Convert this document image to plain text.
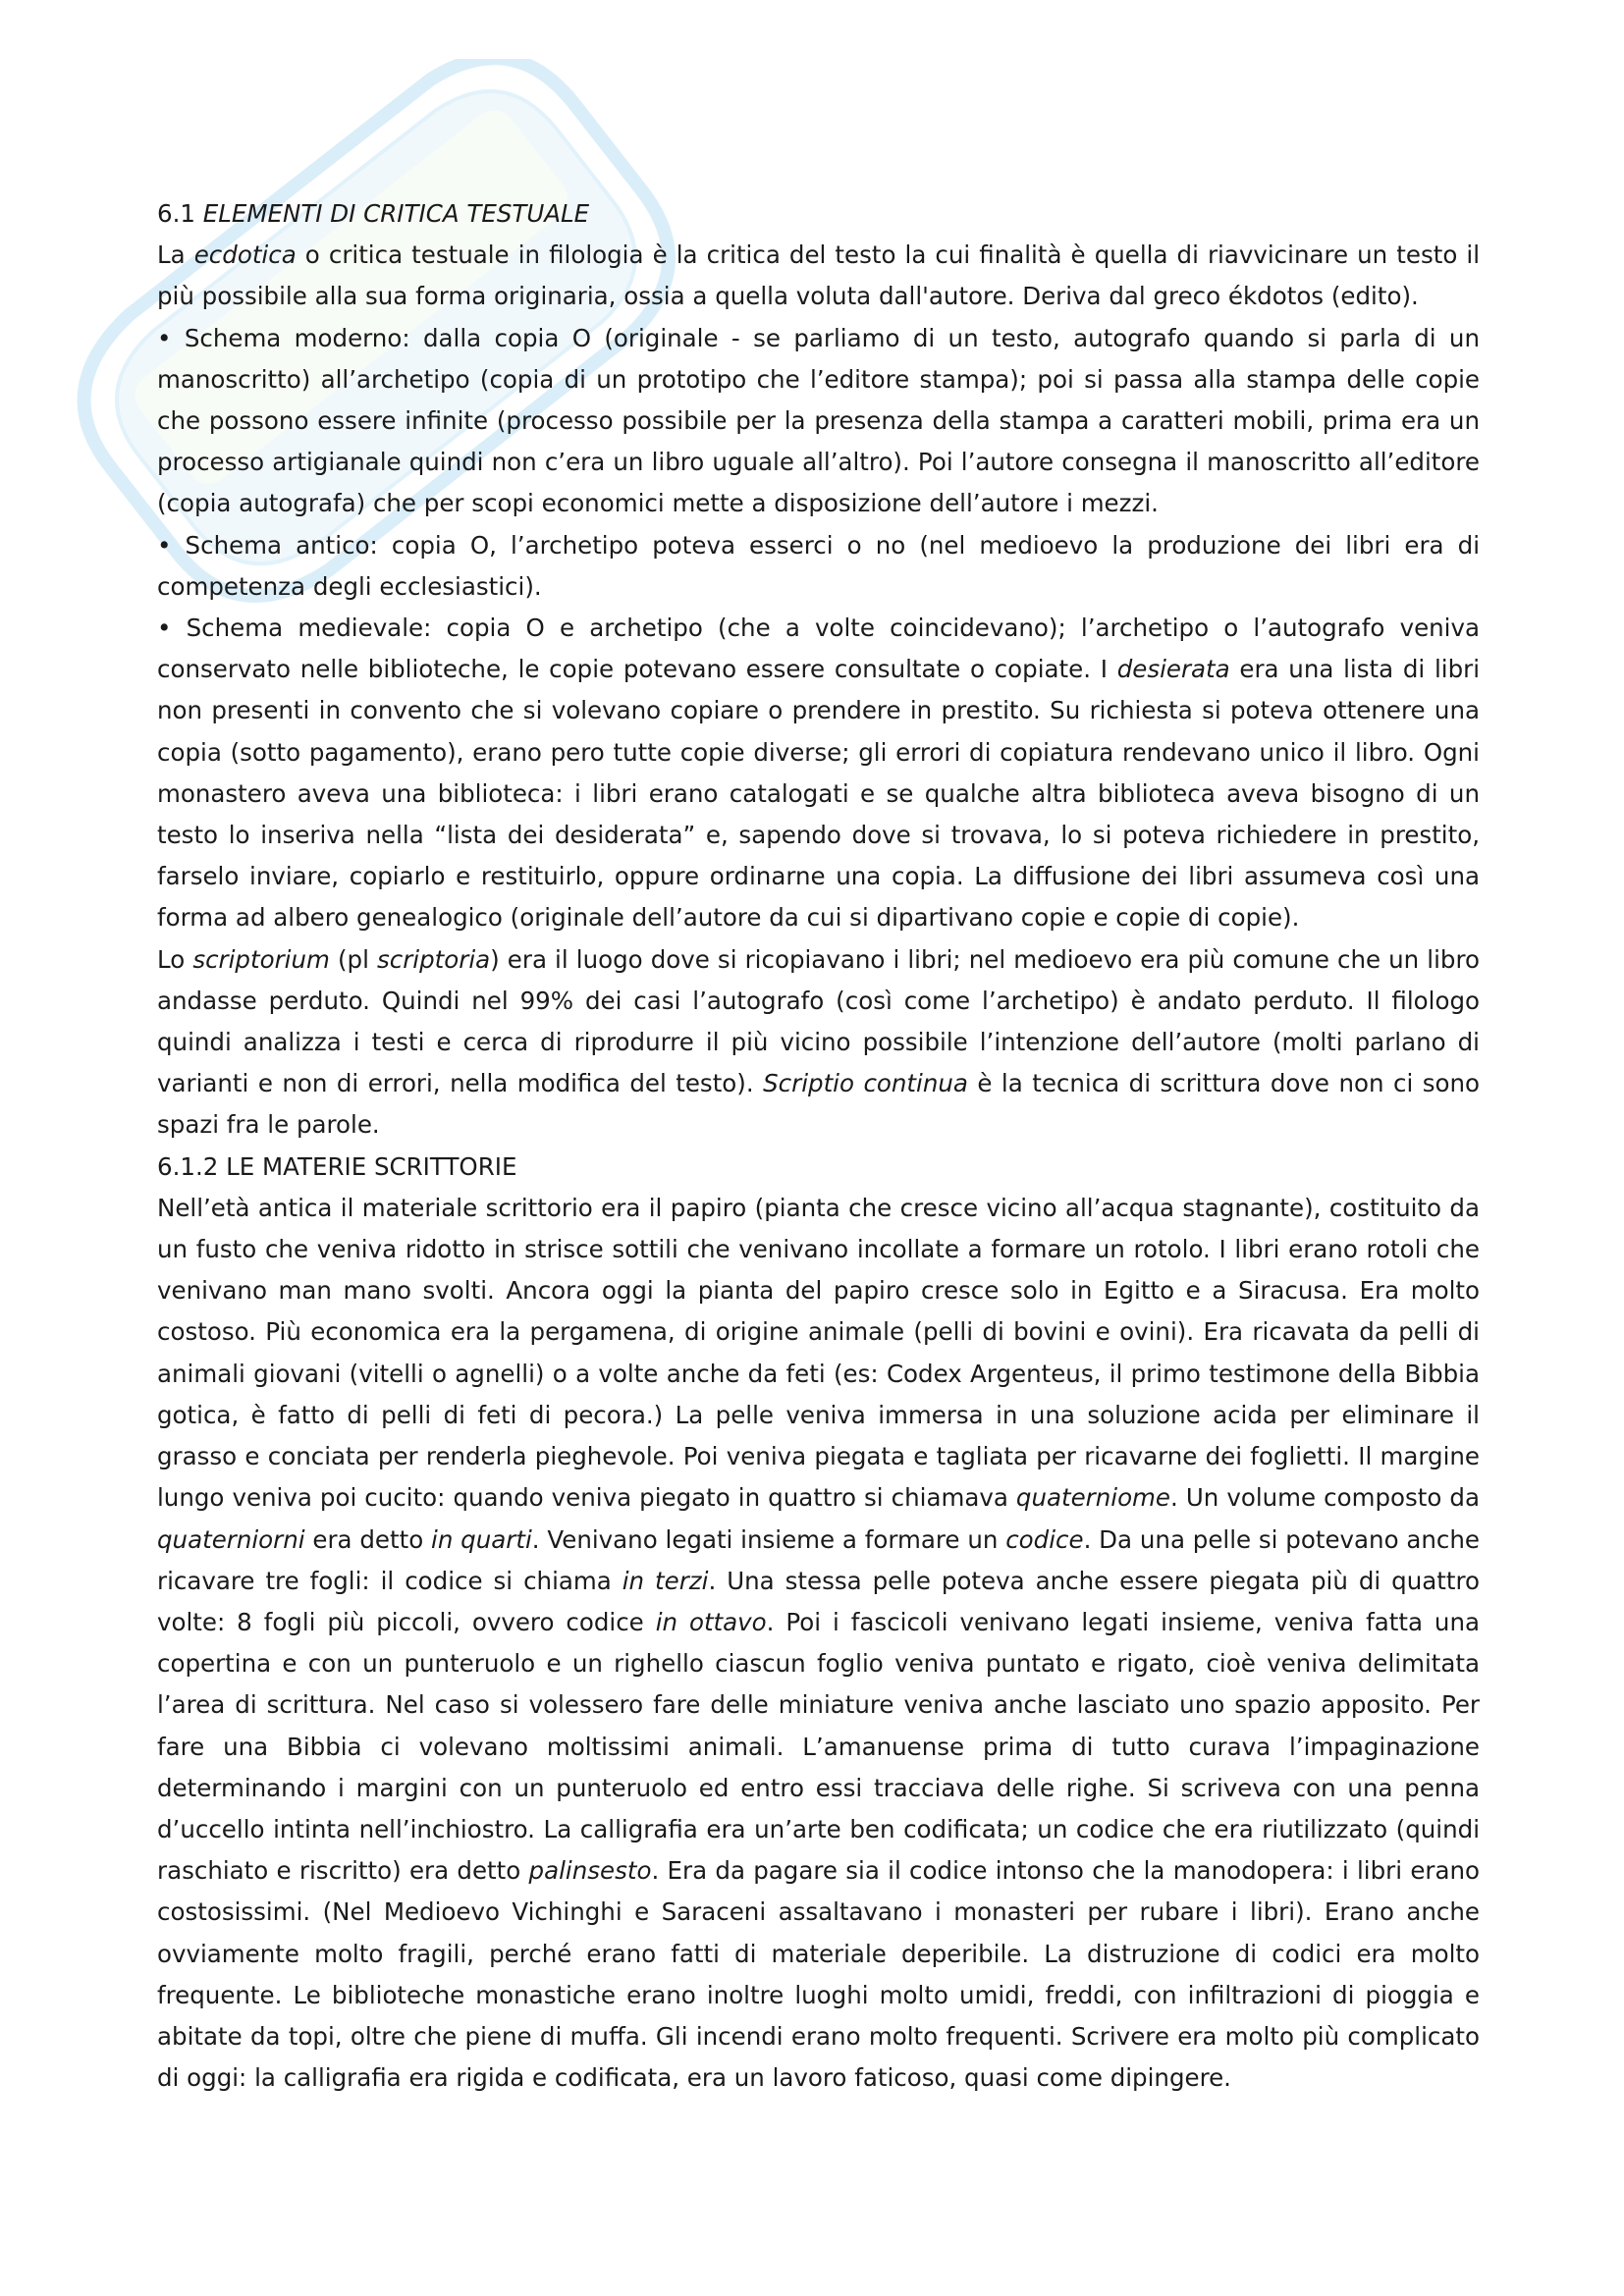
6.1 ELEMENTI DI CRITICA TESTUALE

La ecdotica o critica testuale in filologia è la critica del testo la cui finalità è quella di riavvicinare un testo il più possibile alla sua forma originaria, ossia a quella voluta dall'autore. Deriva dal greco ékdotos (edito).

• Schema moderno: dalla copia O (originale - se parliamo di un testo, autografo quando si parla di un manoscritto) all’archetipo (copia di un prototipo che l’editore stampa); poi si passa alla stampa delle copie che possono essere infinite (processo possibile per la presenza della stampa a caratteri mobili, prima era un processo artigianale quindi non c’era un libro uguale all’altro). Poi l’autore consegna il manoscritto all’editore (copia autografa) che per scopi economici mette a disposizione dell’autore i mezzi.

• Schema antico: copia O, l’archetipo poteva esserci o no (nel medioevo la produzione dei libri era di competenza degli ecclesiastici).

• Schema medievale: copia O e archetipo (che a volte coincidevano); l’archetipo o l’autografo veniva conservato nelle biblioteche, le copie potevano essere consultate o copiate. I desierata era una lista di libri non presenti in convento che si volevano copiare o prendere in prestito. Su richiesta si poteva ottenere una copia (sotto pagamento), erano pero tutte copie diverse; gli errori di copiatura rendevano unico il libro. Ogni monastero aveva una biblioteca: i libri erano catalogati e se qualche altra biblioteca aveva bisogno di un testo lo inseriva nella “lista dei desiderata” e, sapendo dove si trovava, lo si poteva richiedere in prestito, farselo inviare, copiarlo e restituirlo, oppure ordinarne una copia. La diffusione dei libri assumeva così una forma ad albero genealogico (originale dell’autore da cui si dipartivano copie e copie di copie).

Lo scriptorium (pl scriptoria) era il luogo dove si ricopiavano i libri; nel medioevo era più comune che un libro andasse perduto. Quindi nel 99% dei casi l’autografo (così come l’archetipo) è andato perduto. Il filologo quindi analizza i testi e cerca di riprodurre il più vicino possibile l’intenzione dell’autore (molti parlano di varianti e non di errori, nella modifica del testo). Scriptio continua è la tecnica di scrittura dove non ci sono spazi fra le parole.

6.1.2 LE MATERIE SCRITTORIE

Nell’età antica il materiale scrittorio era il papiro (pianta che cresce vicino all’acqua stagnante), costituito da un fusto che veniva ridotto in strisce sottili che venivano incollate a formare un rotolo. I libri erano rotoli che venivano man mano svolti. Ancora oggi la pianta del papiro cresce solo in Egitto e a Siracusa. Era molto costoso. Più economica era la pergamena, di origine animale (pelli di bovini e ovini). Era ricavata da pelli di animali giovani (vitelli o agnelli) o a volte anche da feti (es: Codex Argenteus, il primo testimone della Bibbia gotica, è fatto di pelli di feti di pecora.) La pelle veniva immersa in una soluzione acida per eliminare il grasso e conciata per renderla pieghevole. Poi veniva piegata e tagliata per ricavarne dei foglietti. Il margine lungo veniva poi cucito: quando veniva piegato in quattro si chiamava quaterniome. Un volume composto da quaterniorni era detto in quarti. Venivano legati insieme a formare un codice. Da una pelle si potevano anche ricavare tre fogli: il codice si chiama in terzi. Una stessa pelle poteva anche essere piegata più di quattro volte: 8 fogli più piccoli, ovvero codice in ottavo. Poi i fascicoli venivano legati insieme, veniva fatta una copertina e con un punteruolo e un righello ciascun foglio veniva puntato e rigato, cioè veniva delimitata l’area di scrittura. Nel caso si volessero fare delle miniature veniva anche lasciato uno spazio apposito. Per fare una Bibbia ci volevano moltissimi animali. L’amanuense prima di tutto curava l’impaginazione determinando i margini con un punteruolo ed entro essi tracciava delle righe. Si scriveva con una penna d’uccello intinta nell’inchiostro. La calligrafia era un’arte ben codificata; un codice che era riutilizzato (quindi raschiato e riscritto) era detto palinsesto. Era da pagare sia il codice intonso che la manodopera: i libri erano costosissimi. (Nel Medioevo Vichinghi e Saraceni assaltavano i monasteri per rubare i libri). Erano anche ovviamente molto fragili, perché erano fatti di materiale deperibile. La distruzione di codici era molto frequente. Le biblioteche monastiche erano inoltre luoghi molto umidi, freddi, con infiltrazioni di pioggia e abitate da topi, oltre che piene di muffa. Gli incendi erano molto frequenti. Scrivere era molto più complicato di oggi: la calligrafia era rigida e codificata, era un lavoro faticoso, quasi come dipingere.
